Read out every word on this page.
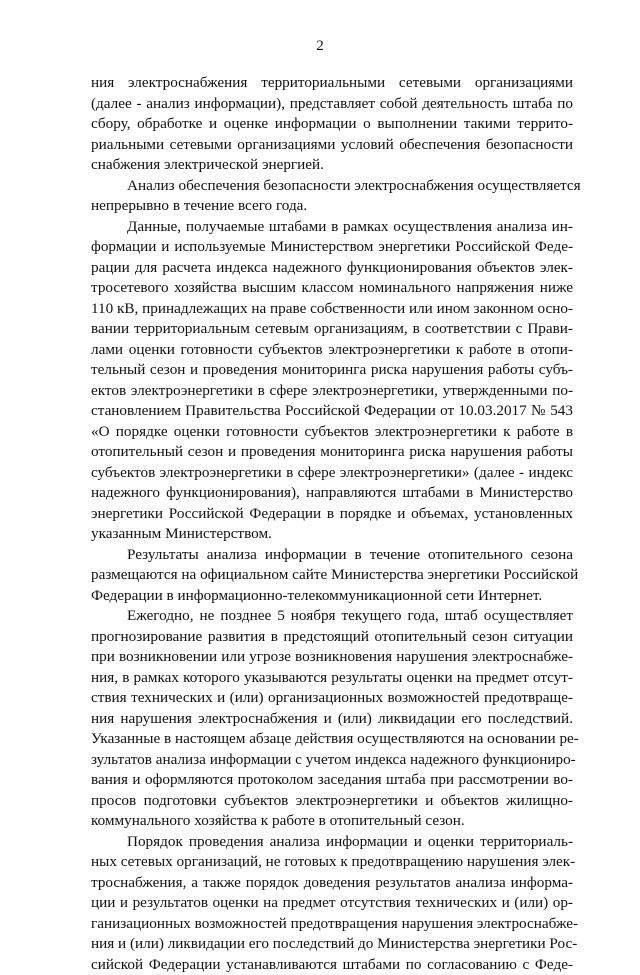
2
ния электроснабжения территориальными сетевыми организациями
(далее - анализ информации), представляет собой деятельность штаба по
сбору, обработке и оценке информации о выполнении такими террито-
риальными сетевыми организациями условий обеспечения безопасности
снабжения электрической энергией.
Анализ обеспечения безопасности электроснабжения осуществляется
непрерывно в течение всего года.
Данные, получаемые штабами в рамках осуществления анализа ин-
формации и используемые Министерством энергетики Российской Феде-
рации для расчета индекса надежного функционирования объектов элек-
тросетевого хозяйства высшим классом номинального напряжения ниже
110 кВ, принадлежащих на праве собственности или ином законном осно-
вании территориальным сетевым организациям, в соответствии с Прави-
лами оценки готовности субъектов электроэнергетики к работе в отопи-
тельный сезон и проведения мониторинга риска нарушения работы субъ-
ектов электроэнергетики в сфере электроэнергетики, утвержденными по-
становлением Правительства Российской Федерации от 10.03.2017 № 543
«О порядке оценки готовности субъектов электроэнергетики к работе в
отопительный сезон и проведения мониторинга риска нарушения работы
субъектов электроэнергетики в сфере электроэнергетики» (далее - индекс
надежного функционирования), направляются штабами в Министерство
энергетики Российской Федерации в порядке и объемах, установленных
указанным Министерством.
Результаты анализа информации в течение отопительного сезона
размещаются на официальном сайте Министерства энергетики Российской
Федерации в информационно-телекоммуникационной сети Интернет.
Ежегодно, не позднее 5 ноября текущего года, штаб осуществляет
прогнозирование развития в предстоящий отопительный сезон ситуации
при возникновении или угрозе возникновения нарушения электроснабже-
ния, в рамках которого указываются результаты оценки на предмет отсут-
ствия технических и (или) организационных возможностей предотвраще-
ния нарушения электроснабжения и (или) ликвидации его последствий.
Указанные в настоящем абзаце действия осуществляются на основании ре-
зультатов анализа информации с учетом индекса надежного функциониро-
вания и оформляются протоколом заседания штаба при рассмотрении во-
просов подготовки субъектов электроэнергетики и объектов жилищно-
коммунального хозяйства к работе в отопительный сезон.
Порядок проведения анализа информации и оценки территориаль-
ных сетевых организаций, не готовых к предотвращению нарушения элек-
троснабжения, а также порядок доведения результатов анализа информа-
ции и результатов оценки на предмет отсутствия технических и (или) ор-
ганизационных возможностей предотвращения нарушения электроснабже-
ния и (или) ликвидации его последствий до Министерства энергетики Рос-
сийской Федерации устанавливаются штабами по согласованию с Феде-
